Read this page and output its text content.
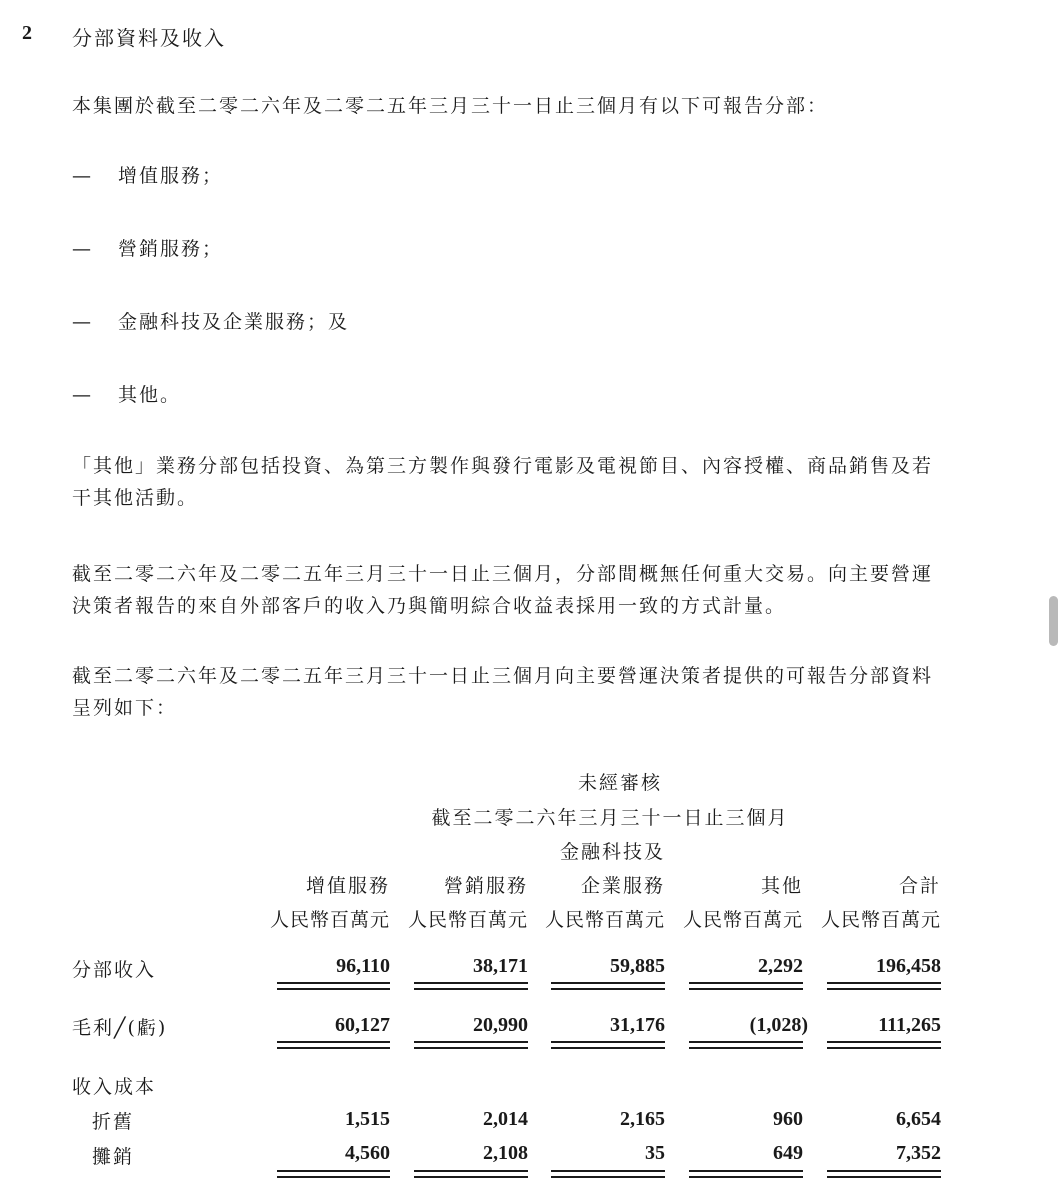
2 分部資料及收入
本集團於截至二零二六年及二零二五年三月三十一日止三個月有以下可報告分部：
— 增值服務；
— 營銷服務；
— 金融科技及企業服務；及
— 其他。
「其他」業務分部包括投資、為第三方製作與發行電影及電視節目、內容授權、商品銷售及若干其他活動。
截至二零二六年及二零二五年三月三十一日止三個月，分部間概無任何重大交易。向主要營運決策者報告的來自外部客戶的收入乃與簡明綜合收益表採用一致的方式計量。
截至二零二六年及二零二五年三月三十一日止三個月向主要營運決策者提供的可報告分部資料呈列如下：
未經審核
截至二零二六年三月三十一日止三個月
金融科技及
增值服務	營銷服務	企業服務	其他	合計
人民幣百萬元 人民幣百萬元 人民幣百萬元 人民幣百萬元 人民幣百萬元
分部收入	96,110	38,171	59,885	2,292	196,458
毛利╱(虧)	60,127	20,990	31,176	(1,028)	111,265
收入成本
折舊	1,515	2,014	2,165	960	6,654
攤銷	4,560	2,108	35	649	7,352
